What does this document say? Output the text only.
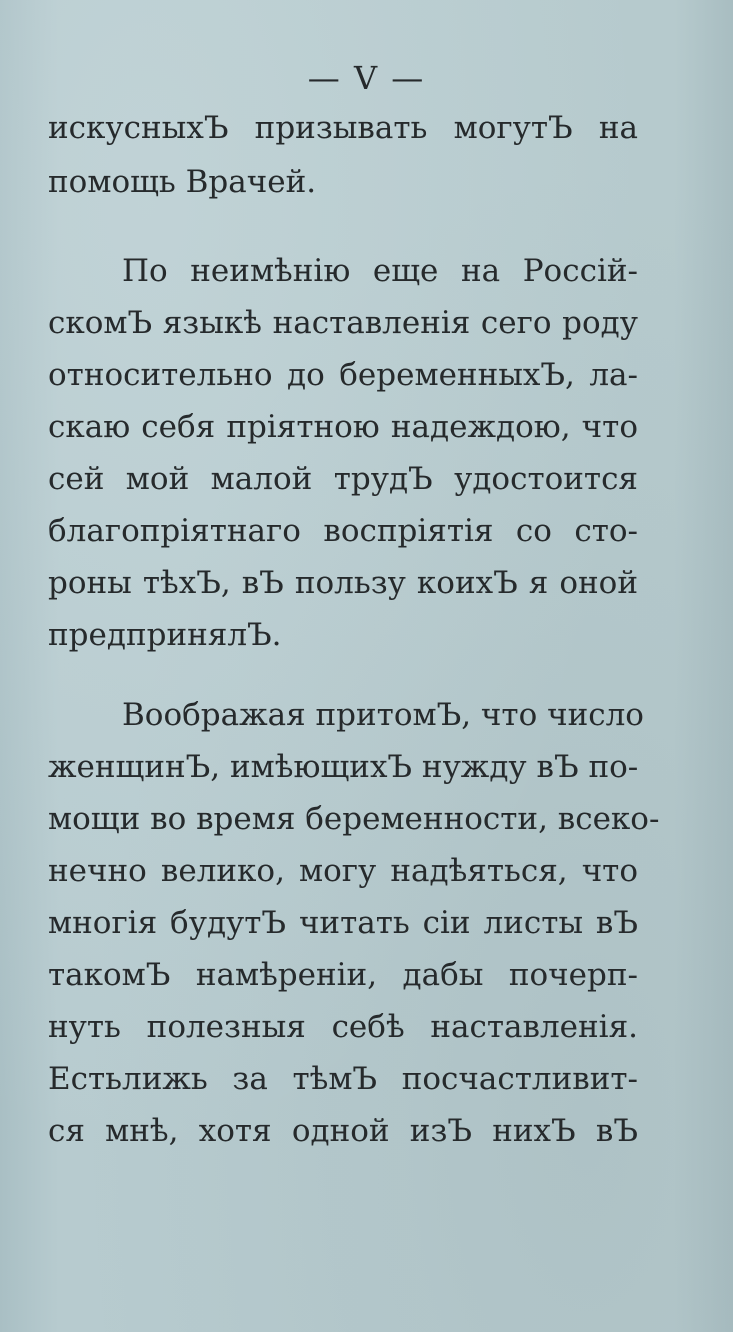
— V —
искусныхЪ призывать могутЪ на
помощь Врачей.
По неимѣнію еще на Россій-
скомЪ языкѣ наставленія сего роду
относительно до беременныхЪ, ла-
скаю себя пріятною надеждою, что
сей мой малой трудЪ удостоится
благопріятнаго воспріятія со сто-
роны тѣхЪ, вЪ пользу коихЪ я оной
предпринялЪ.
Воображая притомЪ, что число
женщинЪ, имѣющихЪ нужду вЪ по-
мощи во время беременности, всеко-
нечно велико, могу надѣяться, что
многія будутЪ читать сіи листы вЪ
такомЪ намѣреніи, дабы почерп-
нуть полезныя себѣ наставленія.
Естьлижь за тѣмЪ посчастливит-
ся мнѣ, хотя одной изЪ нихЪ вЪ
